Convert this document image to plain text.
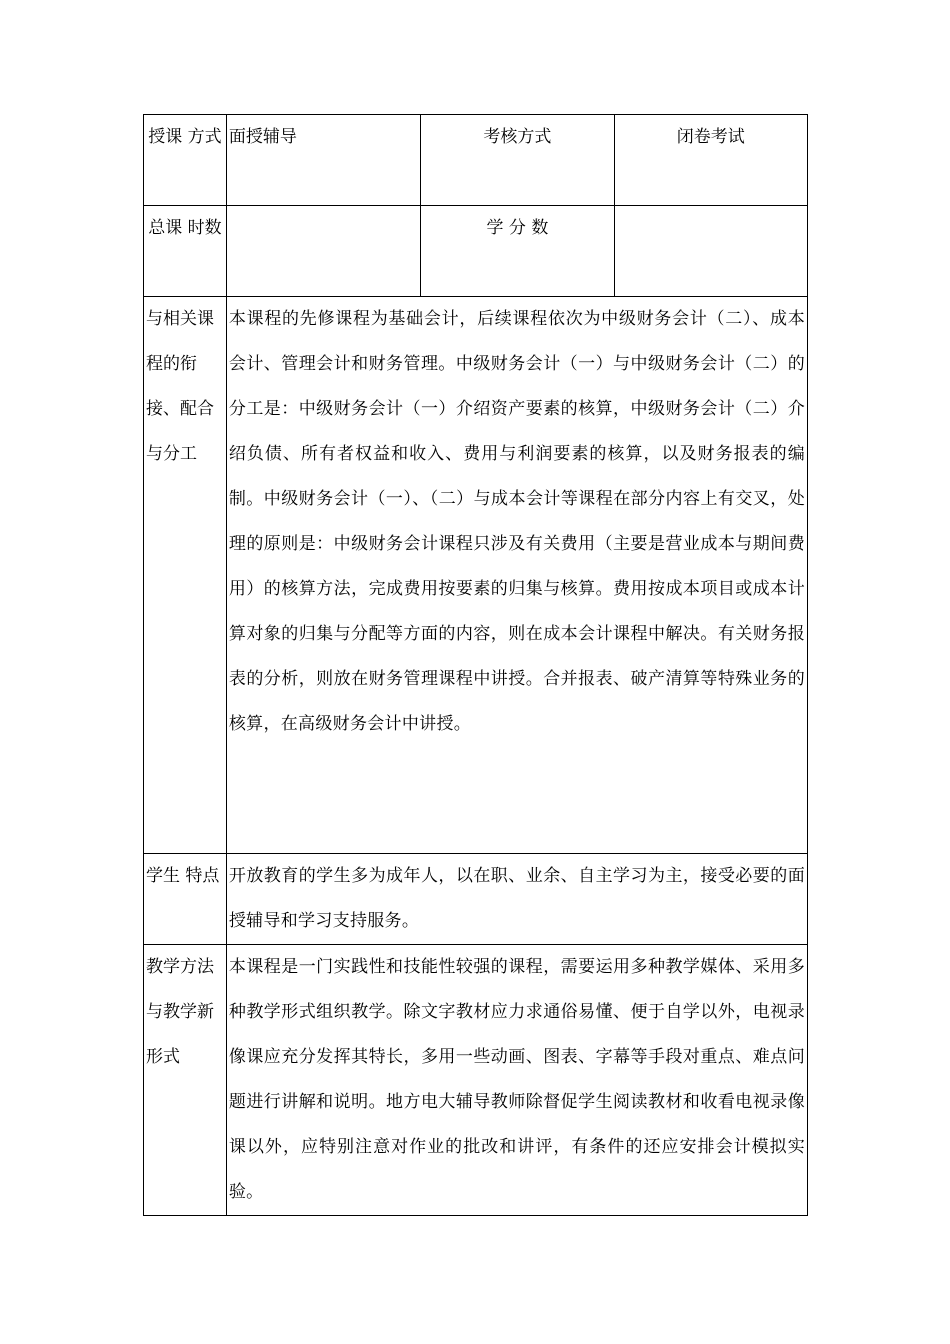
授课 方式	面授辅导	考核方式	闭卷考试
总课 时数		学 分 数	
与相关课程的衔接、配合与分工	本课程的先修课程为基础会计，后续课程依次为中级财务会计（二）、成本会计、管理会计和财务管理。中级财务会计（一）与中级财务会计（二）的分工是：中级财务会计（一）介绍资产要素的核算，中级财务会计（二）介绍负债、所有者权益和收入、费用与利润要素的核算，以及财务报表的编制。中级财务会计（一）、（二）与成本会计等课程在部分内容上有交叉，处理的原则是：中级财务会计课程只涉及有关费用（主要是营业成本与期间费用）的核算方法，完成费用按要素的归集与核算。费用按成本项目或成本计算对象的归集与分配等方面的内容，则在成本会计课程中解决。有关财务报表的分析，则放在财务管理课程中讲授。合并报表、破产清算等特殊业务的核算，在高级财务会计中讲授。		
学生 特点	开放教育的学生多为成年人，以在职、业余、自主学习为主，接受必要的面授辅导和学习支持服务。		
教学方法与教学新形式	本课程是一门实践性和技能性较强的课程，需要运用多种教学媒体、采用多种教学形式组织教学。除文字教材应力求通俗易懂、便于自学以外，电视录像课应充分发挥其特长，多用一些动画、图表、字幕等手段对重点、难点问题进行讲解和说明。地方电大辅导教师除督促学生阅读教材和收看电视录像课以外，应特别注意对作业的批改和讲评，有条件的还应安排会计模拟实验。		
